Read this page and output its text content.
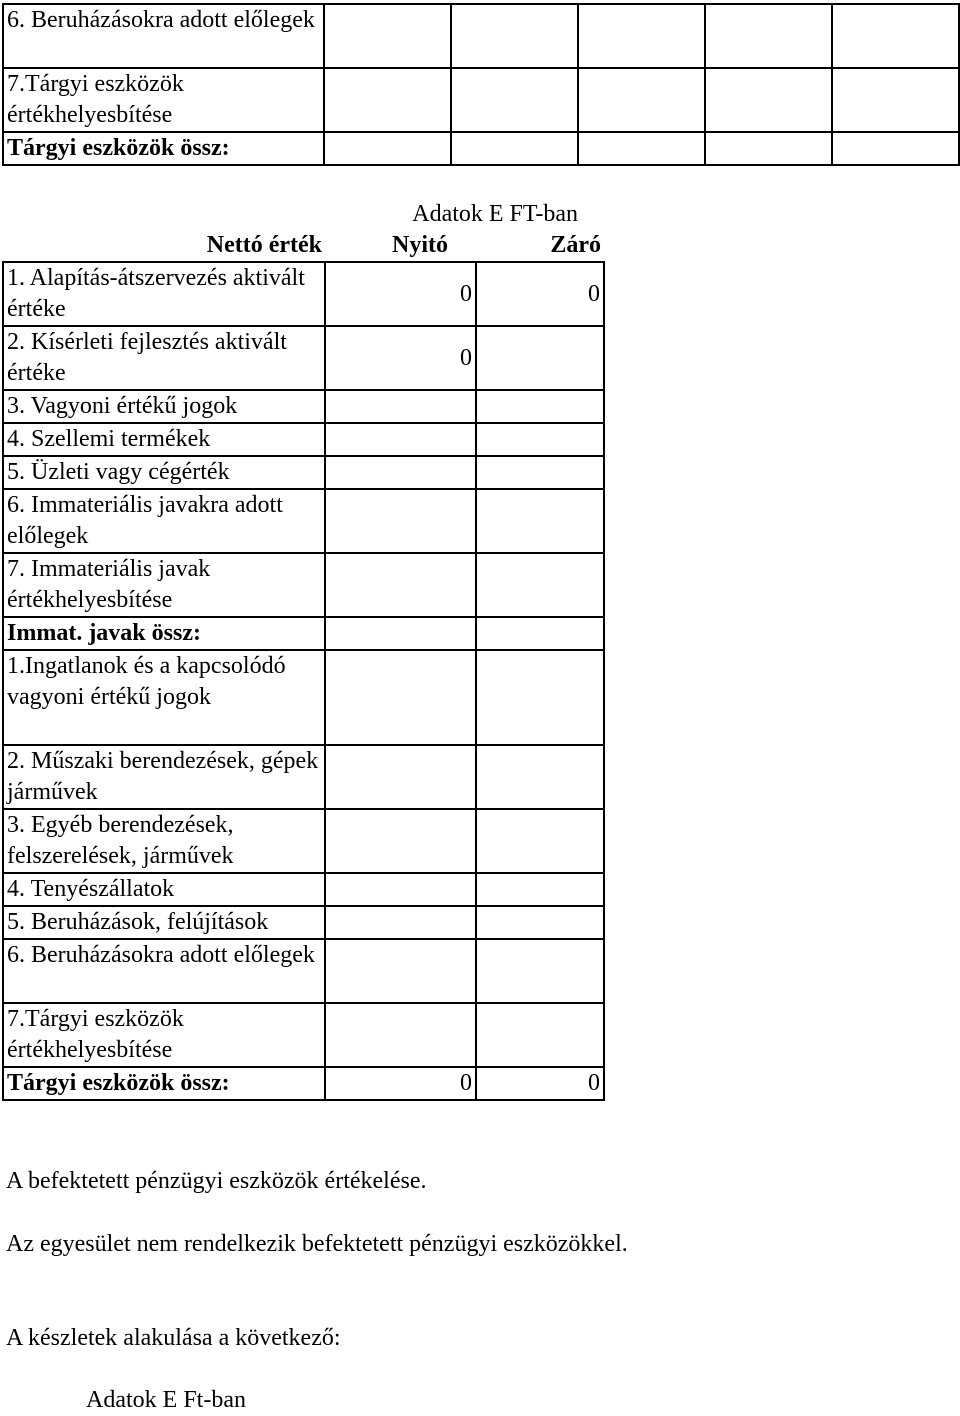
6. Beruházásokra adott előlegek					
7.Tárgyi eszközök értékhelyesbítése					
Tárgyi eszközök össz:					
Adatok E FT-ban		
Nettó érték	Nyitó	Záró
1. Alapítás-átszervezés aktivált értéke	0	0
2. Kísérleti fejlesztés aktivált értéke	0	
3. Vagyoni értékű jogok		
4. Szellemi termékek		
5. Üzleti vagy cégérték		
6. Immateriális javakra adott előlegek		
7. Immateriális javak értékhelyesbítése		
Immat. javak össz:		
1.Ingatlanok és a kapcsolódó vagyoni értékű jogok		
2. Műszaki berendezések, gépek járművek		
3. Egyéb berendezések, felszerelések, járművek		
4. Tenyészállatok		
5. Beruházások, felújítások		
6. Beruházásokra adott előlegek		
7.Tárgyi eszközök értékhelyesbítése		
Tárgyi eszközök össz:	0	0
A befektetett pénzügyi eszközök értékelése.
Az egyesület nem rendelkezik befektetett pénzügyi eszközökkel.
A készletek alakulása a következő:
Adatok E Ft-ban
